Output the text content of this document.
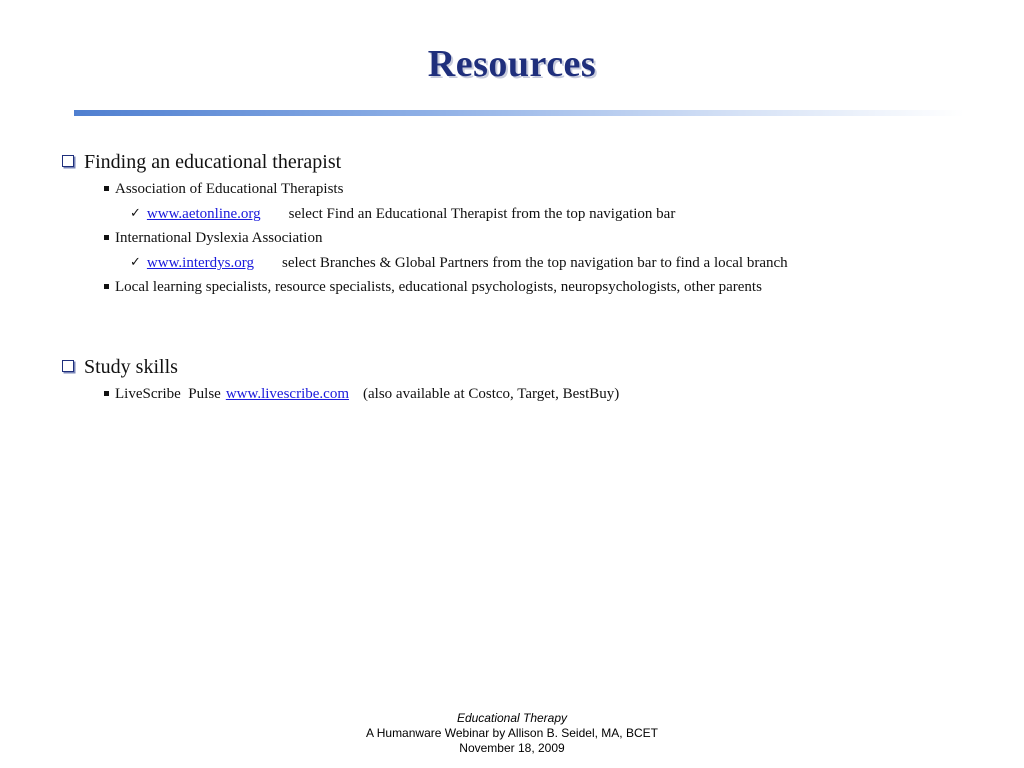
Resources
Finding an educational therapist
Association of Educational Therapists
✓ www.aetonline.org select Find an Educational Therapist from the top navigation bar
International Dyslexia Association
✓ www.interdys.org select Branches & Global Partners from the top navigation bar to find a local branch
Local learning specialists, resource specialists, educational psychologists, neuropsychologists, other parents
Study skills
LiveScribe  Pulse www.livescribe.com (also available at Costco, Target, BestBuy)
Educational Therapy
A Humanware Webinar by Allison B. Seidel, MA, BCET
November 18, 2009
